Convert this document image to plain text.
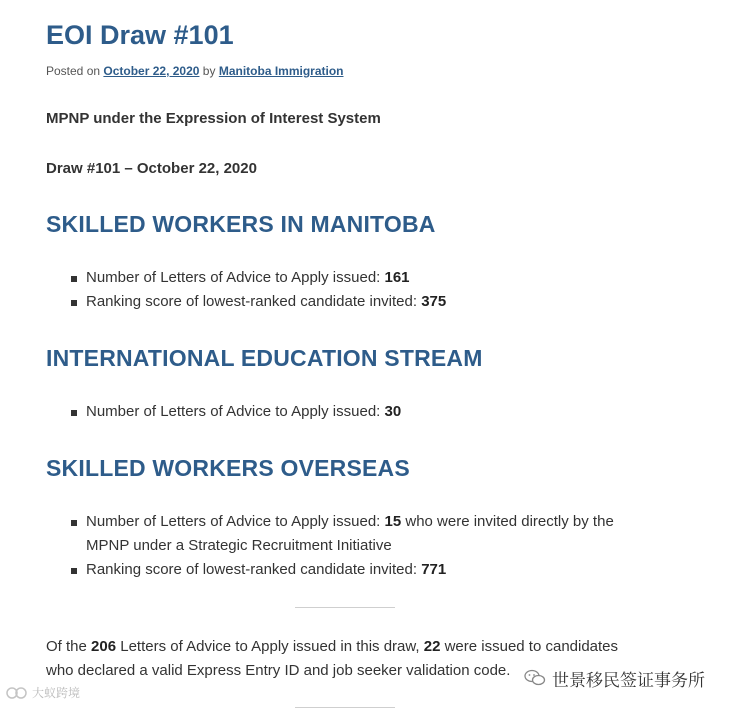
EOI Draw #101
Posted on October 22, 2020 by Manitoba Immigration

MPNP under the Expression of Interest System

Draw #101 – October 22, 2020

SKILLED WORKERS IN MANITOBA
Number of Letters of Advice to Apply issued: 161
Ranking score of lowest-ranked candidate invited: 375
INTERNATIONAL EDUCATION STREAM
Number of Letters of Advice to Apply issued: 30
SKILLED WORKERS OVERSEAS
Number of Letters of Advice to Apply issued: 15 who were invited directly by the MPNP under a Strategic Recruitment Initiative
Ranking score of lowest-ranked candidate invited: 771

Of the 206 Letters of Advice to Apply issued in this draw, 22 were issued to candidates who declared a valid Express Entry ID and job seeker validation code.

大蚁跨境
世景移民签证事务所
